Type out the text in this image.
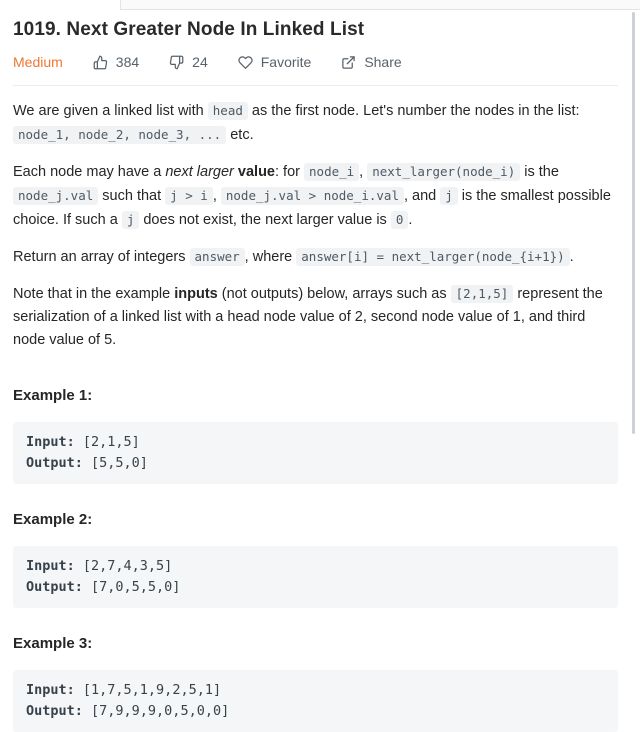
1019. Next Greater Node In Linked List
Medium	384	24	Favorite	Share

We are given a linked list with head as the first node. Let's number the nodes in the list: node_1, node_2, node_3, ... etc.

Each node may have a next larger value: for node_i , next_larger(node_i) is the node_j.val such that j > i , node_j.val > node_i.val , and j is the smallest possible choice. If such a j does not exist, the next larger value is 0 .

Return an array of integers answer , where answer[i] = next_larger(node_{i+1}) .

Note that in the example inputs (not outputs) below, arrays such as [2,1,5] represent the serialization of a linked list with a head node value of 2, second node value of 1, and third node value of 5.

Example 1:

Input: [2,1,5]
Output: [5,5,0]

Example 2:

Input: [2,7,4,3,5]
Output: [7,0,5,5,0]

Example 3:

Input: [1,7,5,1,9,2,5,1]
Output: [7,9,9,9,0,5,0,0]
